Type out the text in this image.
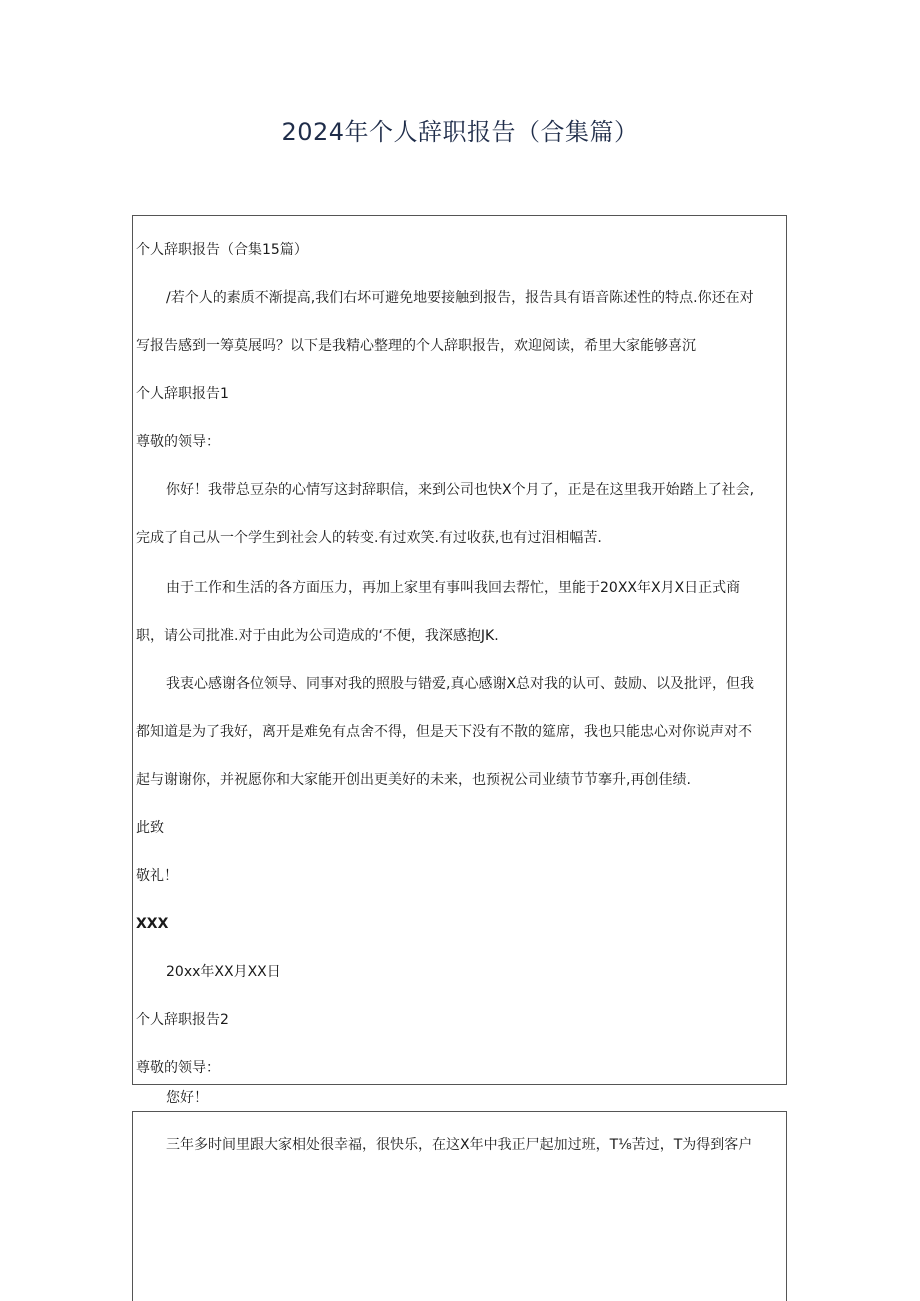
2024年个人辞职报告（合集篇）
个人辞职报告（合集15篇）
/若个人的素质不渐提高,我们右坏可避免地要接触到报告，报告具有语音陈述性的特点.你还在对
写报告感到一筹莫展吗？以下是我精心整理的个人辞职报告，欢迎阅读，希里大家能够喜沉
个人辞职报告1
尊敬的领导：
你好！我带总豆杂的心情写这封辞职信，来到公司也快X个月了，正是在这里我开始踏上了社会,
完成了自己从一个学生到社会人的转变.有过欢笑.有过收获,也有过泪相幅苦.
由于工作和生活的各方面压力，再加上家里有事叫我回去帮忙，里能于20XX年X月X日正式商
职，请公司批准.对于由此为公司造成的‘不便，我深感抱JK.
我衷心感谢各位领导、同事对我的照股与错爱,真心感谢X总对我的认可、鼓励、以及批评，但我
都知道是为了我好，离开是难免有点舍不得，但是天下没有不散的筵席，我也只能忠心对你说声对不
起与谢谢你，并祝愿你和大家能开创出更美好的未来，也预祝公司业绩节节搴升,再创佳绩.
此致
敬礼！
XXX
20xx年XX月XX日
个人辞职报告2
尊敬的领导：
您好！
三年多时间里跟大家相处很幸福，很快乐，在这X年中我正尸起加过班，T⅛苦过，T为得到客户
